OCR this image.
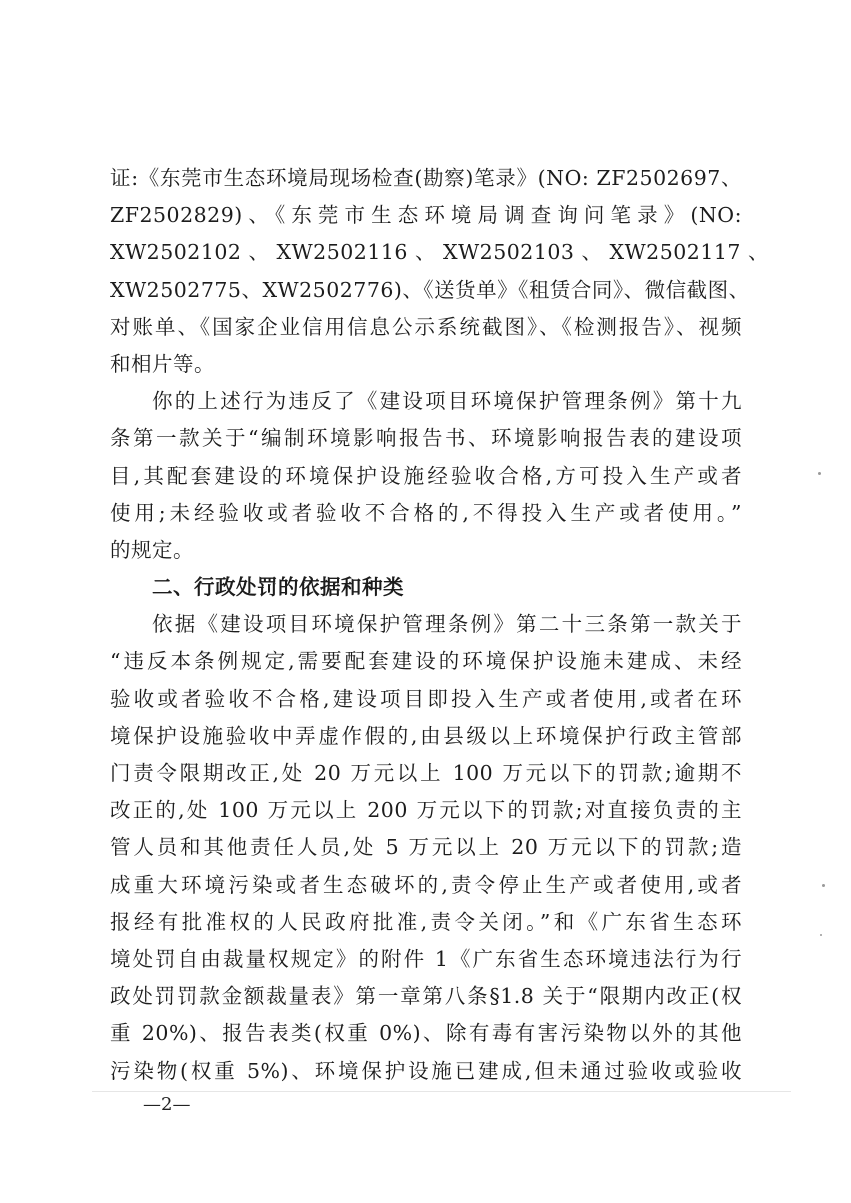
证:《东莞市生态环境局现场检查(勘察)笔录》(NO: ZF2502697、
ZF2502829)、《东莞市生态环境局调查询问笔录》(NO:
XW2502102 、 XW2502116 、 XW2502103 、 XW2502117 、
XW2502775、XW2502776)、《送货单》《租赁合同》、微信截图、
对账单、《国家企业信用信息公示系统截图》、《检测报告》、视频
和相片等。
你的上述行为违反了《建设项目环境保护管理条例》第十九
条第一款关于“编制环境影响报告书、环境影响报告表的建设项
目,其配套建设的环境保护设施经验收合格,方可投入生产或者
使用;未经验收或者验收不合格的,不得投入生产或者使用。”
的规定。
二、行政处罚的依据和种类
依据《建设项目环境保护管理条例》第二十三条第一款关于
“违反本条例规定,需要配套建设的环境保护设施未建成、未经
验收或者验收不合格,建设项目即投入生产或者使用,或者在环
境保护设施验收中弄虚作假的,由县级以上环境保护行政主管部
门责令限期改正,处 20 万元以上 100 万元以下的罚款;逾期不
改正的,处 100 万元以上 200 万元以下的罚款;对直接负责的主
管人员和其他责任人员,处 5 万元以上 20 万元以下的罚款;造
成重大环境污染或者生态破坏的,责令停止生产或者使用,或者
报经有批准权的人民政府批准,责令关闭。”和《广东省生态环
境处罚自由裁量权规定》的附件 1《广东省生态环境违法行为行
政处罚罚款金额裁量表》第一章第八条§1.8 关于“限期内改正(权
重 20%)、报告表类(权重 0%)、除有毒有害污染物以外的其他
污染物(权重 5%)、环境保护设施已建成,但未通过验收或验收
—2—
